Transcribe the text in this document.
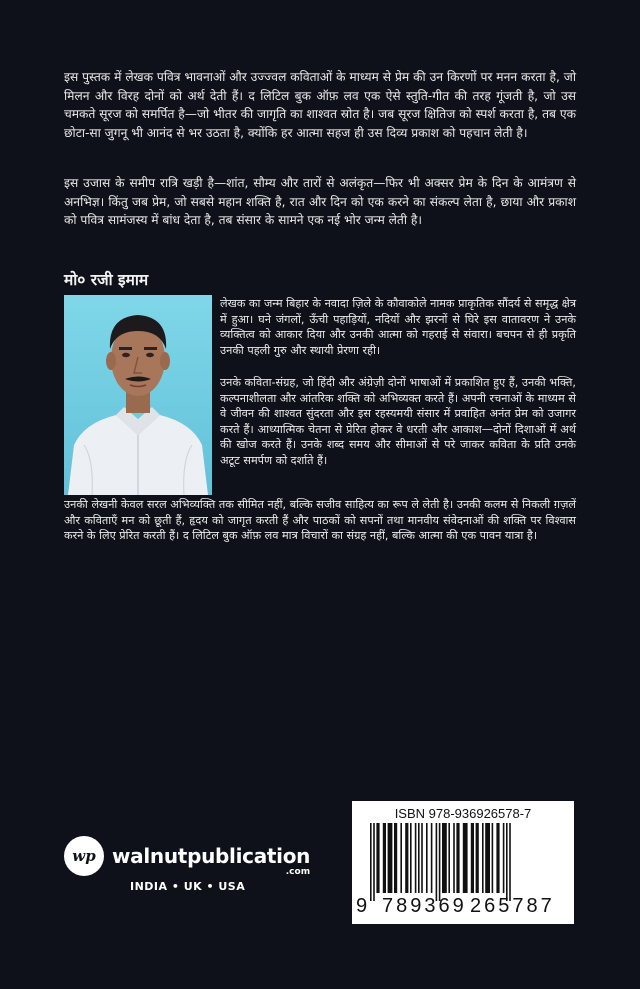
इस पुस्तक में लेखक पवित्र भावनाओं और उज्ज्वल कविताओं के माध्यम से प्रेम की उन किरणों पर मनन करता है, जो मिलन और विरह दोनों को अर्थ देती हैं। द लिटिल बुक ऑफ़ लव एक ऐसे स्तुति-गीत की तरह गूंजती है, जो उस चमकते सूरज को समर्पित है—जो भीतर की जागृति का शाश्वत स्रोत है। जब सूरज क्षितिज को स्पर्श करता है, तब एक छोटा-सा जुगनू भी आनंद से भर उठता है, क्योंकि हर आत्मा सहज ही उस दिव्य प्रकाश को पहचान लेती है।

इस उजास के समीप रात्रि खड़ी है—शांत, सौम्य और तारों से अलंकृत—फिर भी अक्सर प्रेम के दिन के आमंत्रण से अनभिज्ञ। किंतु जब प्रेम, जो सबसे महान शक्ति है, रात और दिन को एक करने का संकल्प लेता है, छाया और प्रकाश को पवित्र सामंजस्य में बांध देता है, तब संसार के सामने एक नई भोर जन्म लेती है।

मो० रजी इमाम

लेखक का जन्म बिहार के नवादा ज़िले के कौवाकोले नामक प्राकृतिक सौंदर्य से समृद्ध क्षेत्र में हुआ। घने जंगलों, ऊँची पहाड़ियों, नदियों और झरनों से घिरे इस वातावरण ने उनके व्यक्तित्व को आकार दिया और उनकी आत्मा को गहराई से संवारा। बचपन से ही प्रकृति उनकी पहली गुरु और स्थायी प्रेरणा रही।

उनके कविता-संग्रह, जो हिंदी और अंग्रेज़ी दोनों भाषाओं में प्रकाशित हुए हैं, उनकी भक्ति, कल्पनाशीलता और आंतरिक शक्ति को अभिव्यक्त करते हैं। अपनी रचनाओं के माध्यम से वे जीवन की शाश्वत सुंदरता और इस रहस्यमयी संसार में प्रवाहित अनंत प्रेम को उजागर करते हैं। आध्यात्मिक चेतना से प्रेरित होकर वे धरती और आकाश—दोनों दिशाओं में अर्थ की खोज करते हैं। उनके शब्द समय और सीमाओं से परे जाकर कविता के प्रति उनके अटूट समर्पण को दर्शाते हैं।

उनकी लेखनी केवल सरल अभिव्यक्ति तक सीमित नहीं, बल्कि सजीव साहित्य का रूप ले लेती है। उनकी कलम से निकली ग़ज़लें और कविताएँ मन को छूती हैं, हृदय को जागृत करती हैं और पाठकों को सपनों तथा मानवीय संवेदनाओं की शक्ति पर विश्वास करने के लिए प्रेरित करती हैं। द लिटिल बुक ऑफ़ लव मात्र विचारों का संग्रह नहीं, बल्कि आत्मा की एक पावन यात्रा है।

wp walnutpublication
.com
INDIA • UK • USA
ISBN 978-936926578-7
9 789369 265787
